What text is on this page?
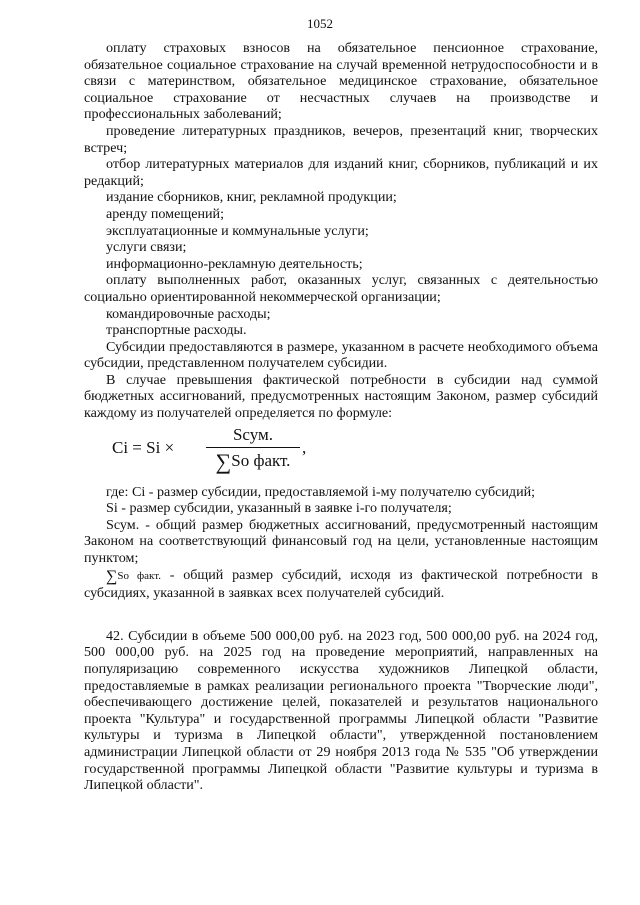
1052

оплату страховых взносов на обязательное пенсионное страхование, обязательное социальное страхование на случай временной нетрудоспособности и в связи с материнством, обязательное медицинское страхование, обязательное социальное страхование от несчастных случаев на производстве и профессиональных заболеваний;

проведение литературных праздников, вечеров, презентаций книг, творческих встреч;

отбор литературных материалов для изданий книг, сборников, публикаций и их редакций;

издание сборников, книг, рекламной продукции;

аренду помещений;

эксплуатационные и коммунальные услуги;

услуги связи;

информационно-рекламную деятельность;

оплату выполненных работ, оказанных услуг, связанных с деятельностью социально ориентированной некоммерческой организации;

командировочные расходы;

транспортные расходы.

Субсидии предоставляются в размере, указанном в расчете необходимого объема субсидии, представленном получателем субсидии.

В случае превышения фактической потребности в субсидии над суммой бюджетных ассигнований, предусмотренных настоящим Законом, размер субсидий каждому из получателей определяется по формуле:

Ci = Si ×
Sсум.
∑So факт.
,

где: Ci - размер субсидии, предоставляемой i-му получателю субсидий;

Si - размер субсидии, указанный в заявке i-го получателя;

Sсум. - общий размер бюджетных ассигнований, предусмотренный настоящим Законом на соответствующий финансовый год на цели, установленные настоящим пунктом;

∑So факт. - общий размер субсидий, исходя из фактической потребности в субсидиях, указанной в заявках всех получателей субсидий.

42. Субсидии в объеме 500 000,00 руб. на 2023 год, 500 000,00 руб. на 2024 год, 500 000,00 руб. на 2025 год на проведение мероприятий, направленных на популяризацию современного искусства художников Липецкой области, предоставляемые в рамках реализации регионального проекта "Творческие люди", обеспечивающего достижение целей, показателей и результатов национального проекта "Культура" и государственной программы Липецкой области "Развитие культуры и туризма в Липецкой области", утвержденной постановлением администрации Липецкой области от 29 ноября 2013 года № 535 "Об утверждении государственной программы Липецкой области "Развитие культуры и туризма в Липецкой области".
